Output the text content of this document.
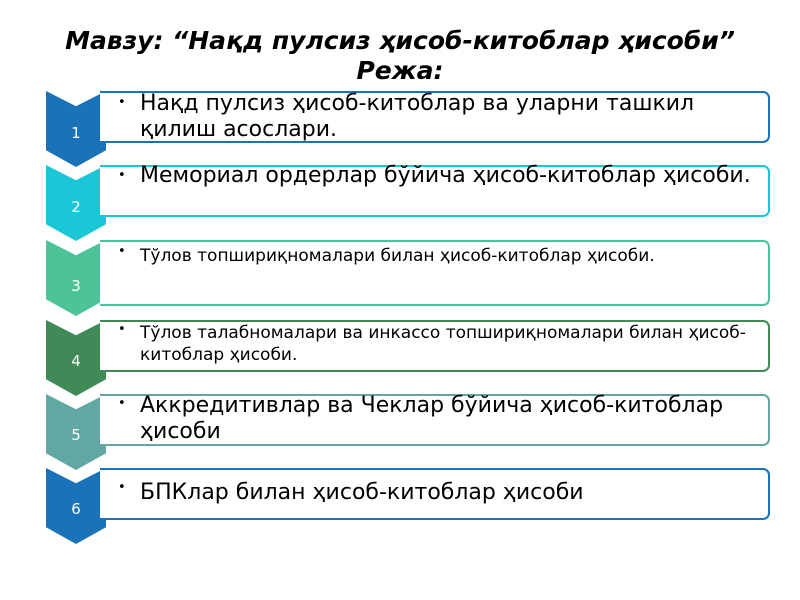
Мавзу: “Нақд пулсиз ҳисоб-китоблар ҳисоби”
Режа:
1
• Нақд пулсиз ҳисоб-китоблар ва уларни ташкил қилиш асослари.
2
• Мемориал ордерлар бўйича ҳисоб-китоблар ҳисоби.
3
• Тўлов топшириқномалари билан ҳисоб-китоблар ҳисоби.
4
• Тўлов талабномалари ва инкассо топшириқномалари билан ҳисоб-китоблар ҳисоби.
5
• Аккредитивлар ва Чеклар бўйича ҳисоб-китоблар ҳисоби
6
• БПКлар билан ҳисоб-китоблар ҳисоби
